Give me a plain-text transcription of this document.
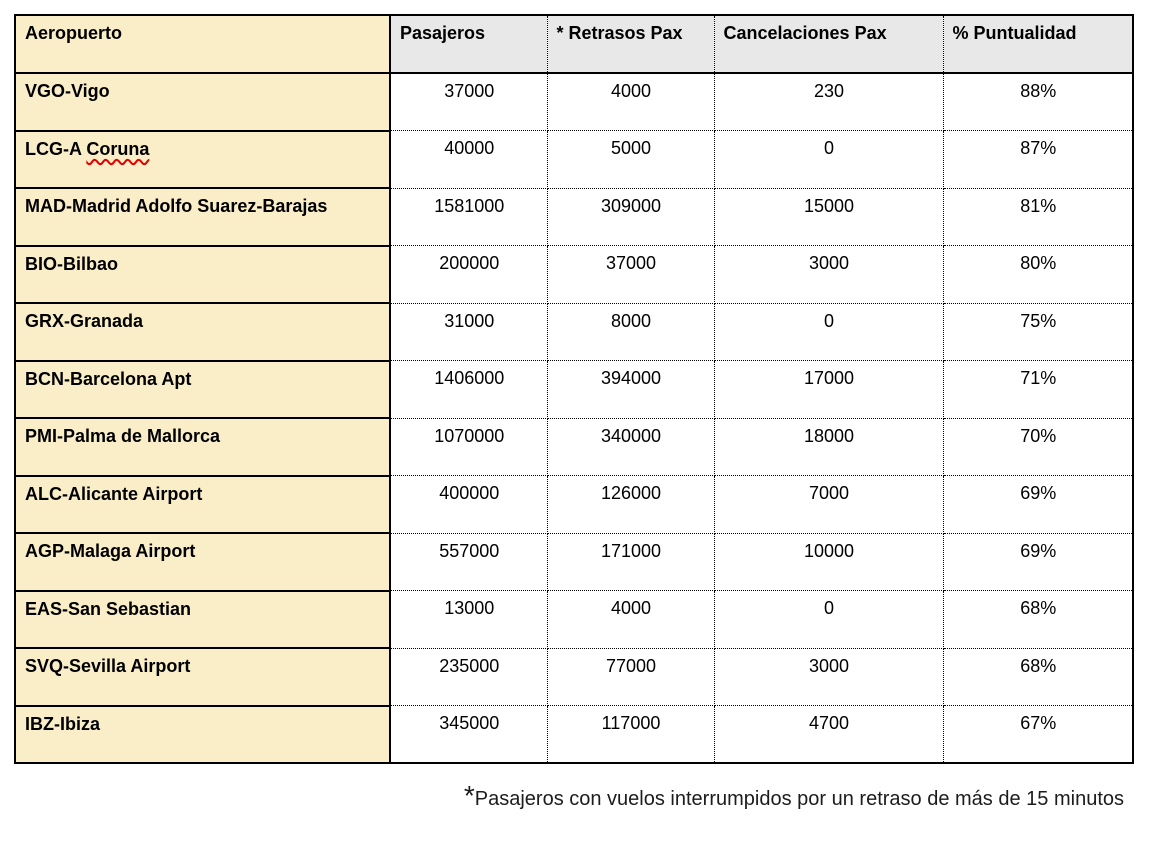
Aeropuerto	Pasajeros	* Retrasos Pax	Cancelaciones Pax	% Puntualidad
VGO-Vigo	37000	4000	230	88%
LCG-A Coruna	40000	5000	0	87%
MAD-Madrid Adolfo Suarez-Barajas	1581000	309000	15000	81%
BIO-Bilbao	200000	37000	3000	80%
GRX-Granada	31000	8000	0	75%
BCN-Barcelona Apt	1406000	394000	17000	71%
PMI-Palma de Mallorca	1070000	340000	18000	70%
ALC-Alicante Airport	400000	126000	7000	69%
AGP-Malaga Airport	557000	171000	10000	69%
EAS-San Sebastian	13000	4000	0	68%
SVQ-Sevilla Airport	235000	77000	3000	68%
IBZ-Ibiza	345000	117000	4700	67%
*Pasajeros con vuelos interrumpidos por un retraso de más de 15 minutos
